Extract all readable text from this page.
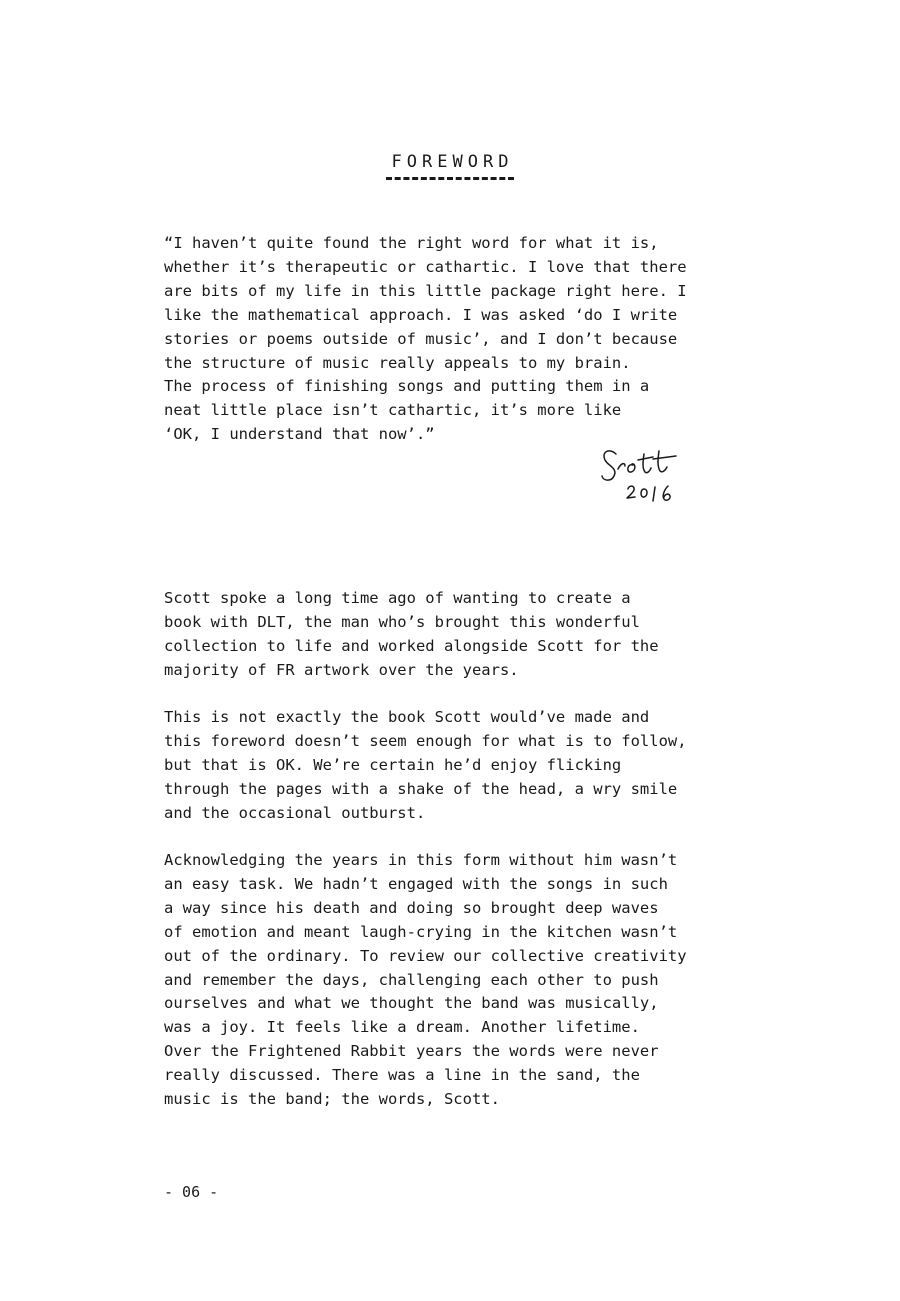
FOREWORD

“I haven’t quite found the right word for what it is,
whether it’s therapeutic or cathartic. I love that there
are bits of my life in this little package right here. I
like the mathematical approach. I was asked ‘do I write
stories or poems outside of music’, and I don’t because
the structure of music really appeals to my brain.
The process of finishing songs and putting them in a
neat little place isn’t cathartic, it’s more like
‘OK, I understand that now’.”

Scott spoke a long time ago of wanting to create a
book with DLT, the man who’s brought this wonderful
collection to life and worked alongside Scott for the
majority of FR artwork over the years.

This is not exactly the book Scott would’ve made and
this foreword doesn’t seem enough for what is to follow,
but that is OK. We’re certain he’d enjoy flicking
through the pages with a shake of the head, a wry smile
and the occasional outburst.

Acknowledging the years in this form without him wasn’t
an easy task. We hadn’t engaged with the songs in such
a way since his death and doing so brought deep waves
of emotion and meant laugh-crying in the kitchen wasn’t
out of the ordinary. To review our collective creativity
and remember the days, challenging each other to push
ourselves and what we thought the band was musically,
was a joy. It feels like a dream. Another lifetime.
Over the Frightened Rabbit years the words were never
really discussed. There was a line in the sand, the
music is the band; the words, Scott.

- 06 -
